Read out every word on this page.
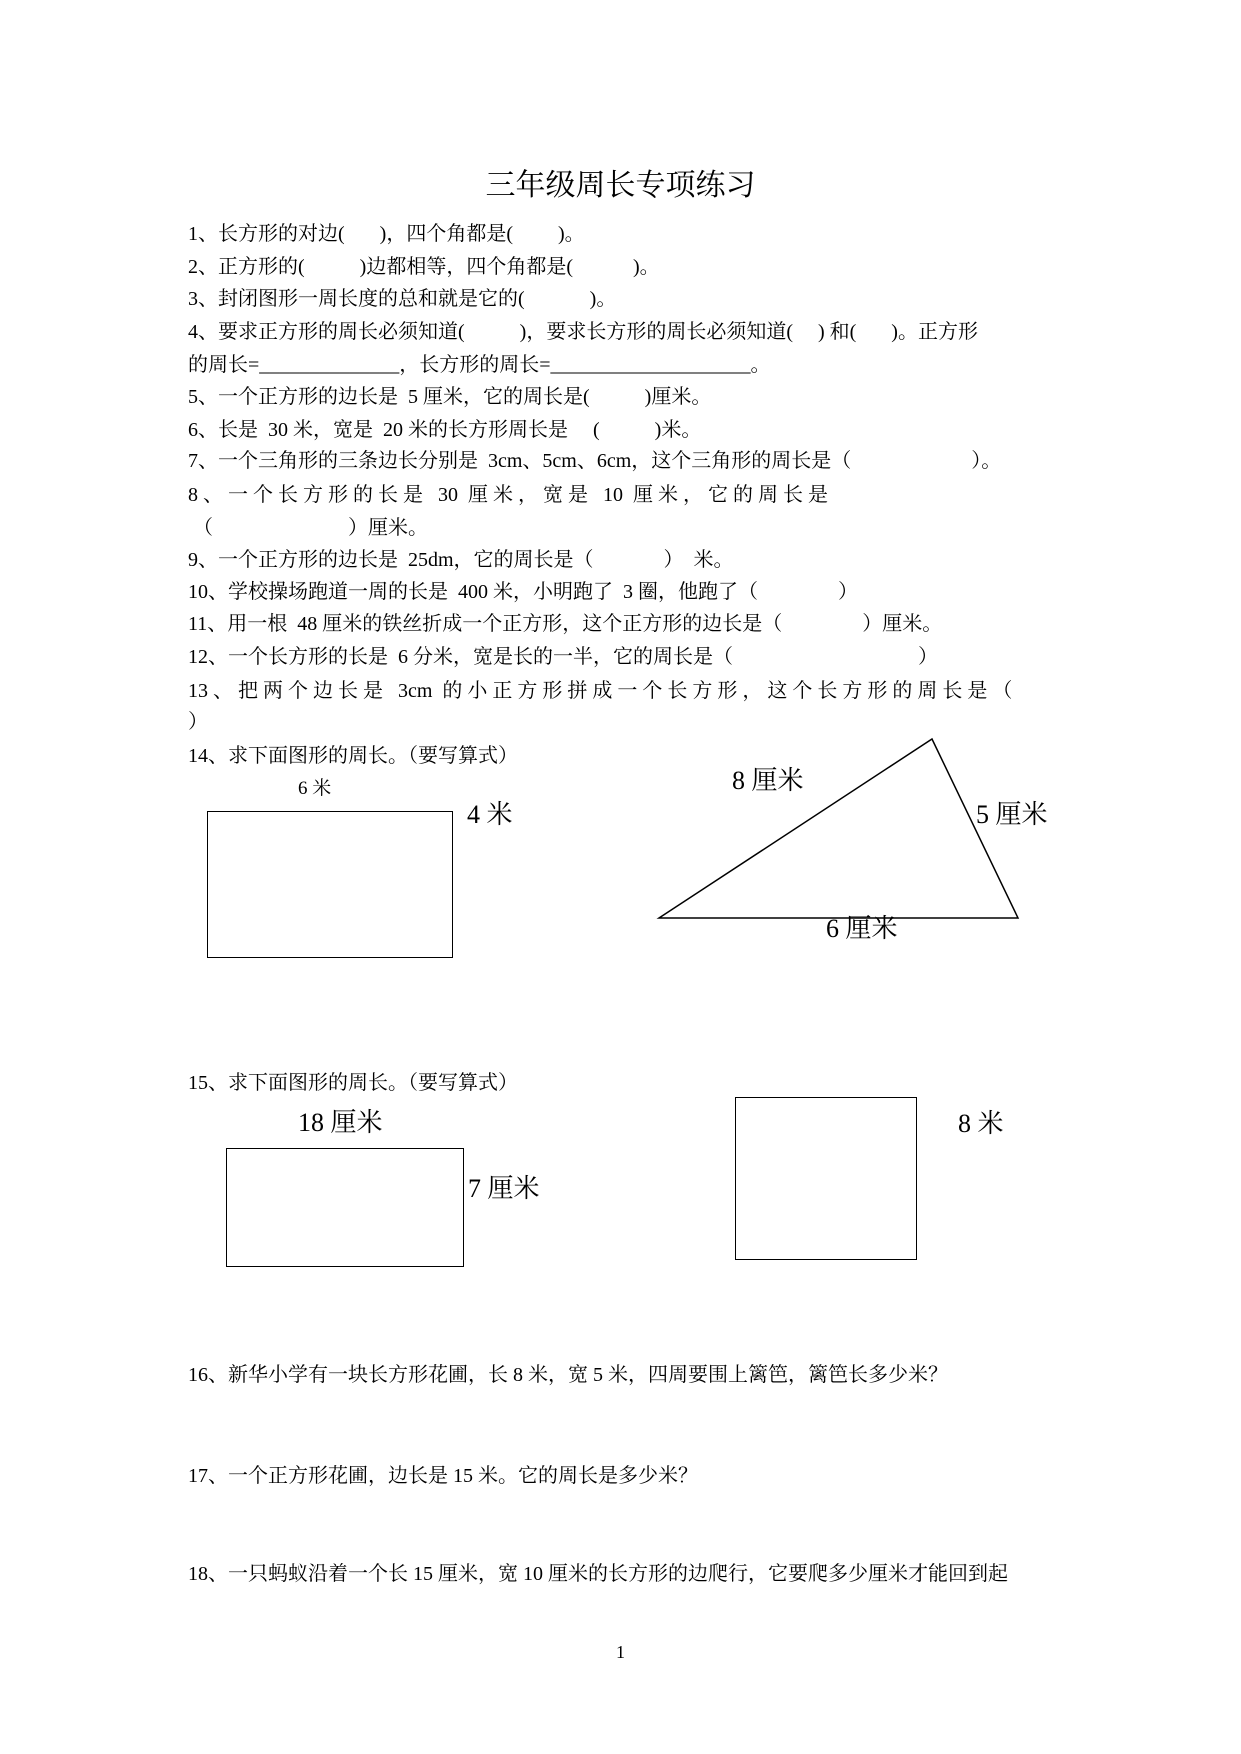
三年级周长专项练习
1、长方形的对边(       )，四个角都是(         )。
2、正方形的(           )边都相等，四个角都是(            )。
3、封闭图形一周长度的总和就是它的(             )。
4、要求正方形的周长必须知道(           )，要求长方形的周长必须知道(     ) 和(       )。正方形
的周长=______________，长方形的周长=____________________。
5、一个正方形的边长是  5 厘米，它的周长是(           )厘米。
6、长是  30 米，宽是  20 米的长方形周长是     (           )米。
7、一个三角形的三条边长分别是  3cm、5cm、6cm，这个三角形的周长是（                        ）。
8 、 一 个 长 方 形 的 长 是   30  厘 米 ， 宽 是   10  厘 米 ， 它 的 周 长 是
（                           ）厘米。
9、一个正方形的边长是  25dm，它的周长是（              ）  米。
10、学校操场跑道一周的长是  400 米，小明跑了  3 圈，他跑了（                ）
11、用一根  48 厘米的铁丝折成一个正方形，这个正方形的边长是（                ）厘米。
12、一个长方形的长是  6 分米，宽是长的一半，它的周长是（                                     ）
13 、 把 两 个 边 长 是   3cm  的 小 正 方 形 拼 成 一 个 长 方 形 ， 这 个 长 方 形 的 周 长 是 （
）
14、求下面图形的周长。（要写算式）
6 米
4 米
8 厘米
5 厘米
6 厘米
15、求下面图形的周长。（要写算式）
18 厘米
7 厘米
8 米
16、新华小学有一块长方形花圃，长 8 米，宽 5 米，四周要围上篱笆，篱笆长多少米？
17、一个正方形花圃，边长是 15 米。它的周长是多少米？
18、一只蚂蚁沿着一个长 15 厘米，宽 10 厘米的长方形的边爬行，它要爬多少厘米才能回到起
1
